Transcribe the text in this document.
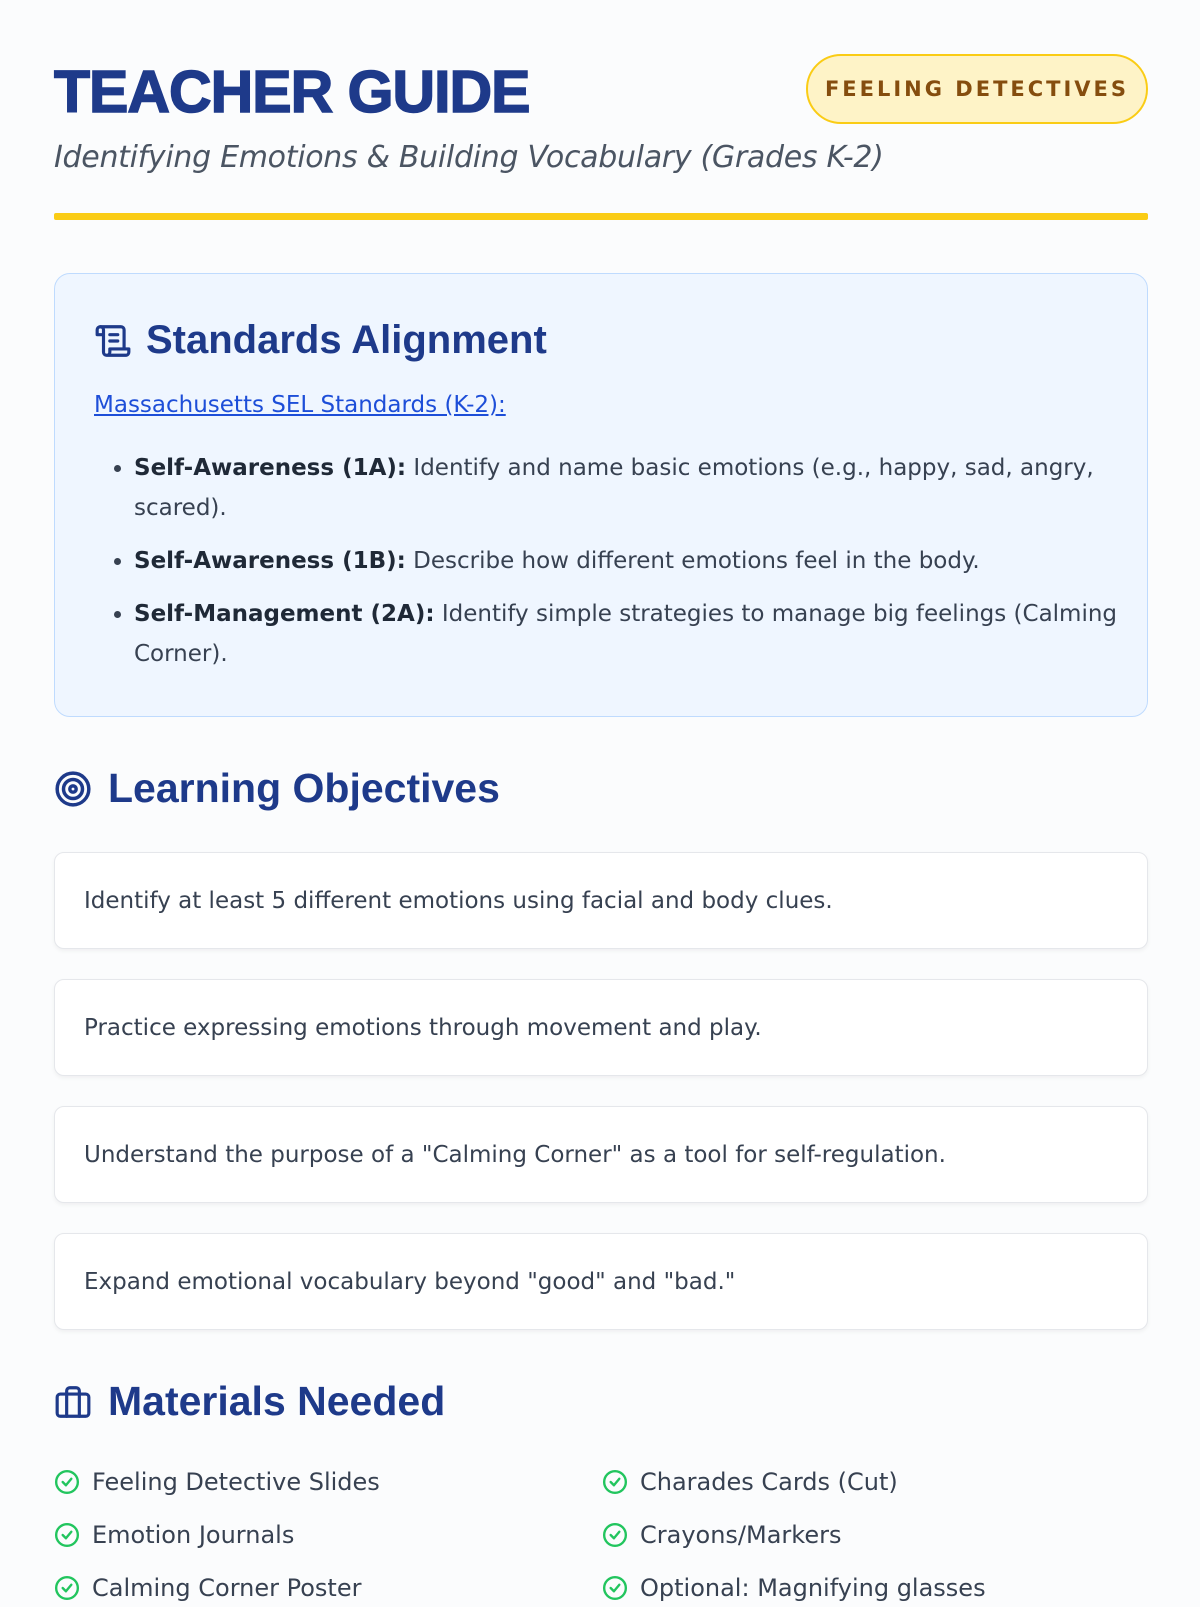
TEACHER GUIDE	FEELING DETECTIVES
Identifying Emotions & Building Vocabulary (Grades K-2)
Standards Alignment
Massachusetts SEL Standards (K-2):
• Self-Awareness (1A): Identify and name basic emotions (e.g., happy, sad, angry, scared).
• Self-Awareness (1B): Describe how different emotions feel in the body.
• Self-Management (2A): Identify simple strategies to manage big feelings (Calming Corner).
Learning Objectives
Identify at least 5 different emotions using facial and body clues.
Practice expressing emotions through movement and play.
Understand the purpose of a "Calming Corner" as a tool for self-regulation.
Expand emotional vocabulary beyond "good" and "bad."
Materials Needed
Feeling Detective Slides	Charades Cards (Cut)
Emotion Journals	Crayons/Markers
Calming Corner Poster	Optional: Magnifying glasses
